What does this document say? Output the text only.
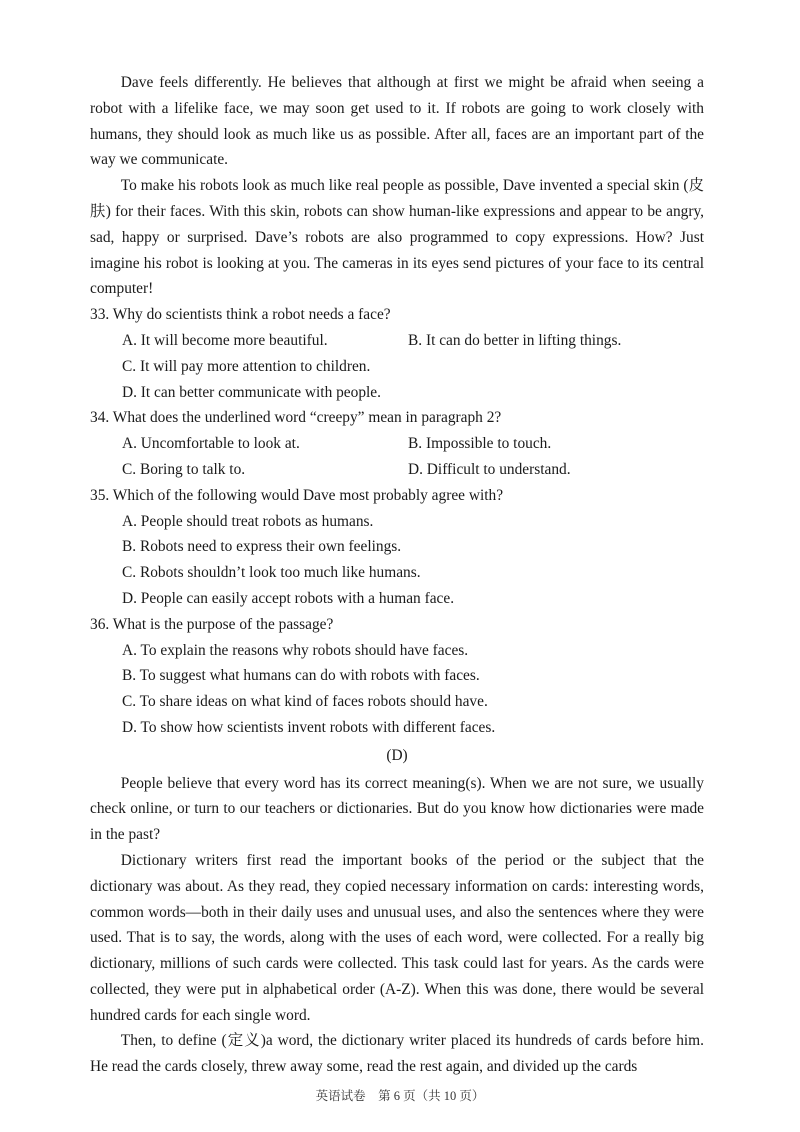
Dave feels differently. He believes that although at first we might be afraid when seeing a robot with a lifelike face, we may soon get used to it. If robots are going to work closely with humans, they should look as much like us as possible. After all, faces are an important part of the way we communicate.

To make his robots look as much like real people as possible, Dave invented a special skin (皮肤) for their faces. With this skin, robots can show human-like expressions and appear to be angry, sad, happy or surprised. Dave’s robots are also programmed to copy expressions. How? Just imagine his robot is looking at you. The cameras in its eyes send pictures of your face to its central computer!

33. Why do scientists think a robot needs a face?

A. It will become more beautiful.	B. It can do better in lifting things.

C. It will pay more attention to children.

D. It can better communicate with people.

34. What does the underlined word “creepy” mean in paragraph 2?

A. Uncomfortable to look at.	B. Impossible to touch.
C. Boring to talk to.	D. Difficult to understand.

35. Which of the following would Dave most probably agree with?

A. People should treat robots as humans.

B. Robots need to express their own feelings.

C. Robots shouldn’t look too much like humans.

D. People can easily accept robots with a human face.

36. What is the purpose of the passage?

A. To explain the reasons why robots should have faces.

B. To suggest what humans can do with robots with faces.

C. To share ideas on what kind of faces robots should have.

D. To show how scientists invent robots with different faces.

(D)

People believe that every word has its correct meaning(s). When we are not sure, we usually check online, or turn to our teachers or dictionaries. But do you know how dictionaries were made in the past?

Dictionary writers first read the important books of the period or the subject that the dictionary was about. As they read, they copied necessary information on cards: interesting words, common words—both in their daily uses and unusual uses, and also the sentences where they were used. That is to say, the words, along with the uses of each word, were collected. For a really big dictionary, millions of such cards were collected. This task could last for years. As the cards were collected, they were put in alphabetical order (A-Z). When this was done, there would be several hundred cards for each single word.

Then, to define (定义)a word, the dictionary writer placed its hundreds of cards before him. He read the cards closely, threw away some, read the rest again, and divided up the cards

英语试卷　第 6 页（共 10 页）
